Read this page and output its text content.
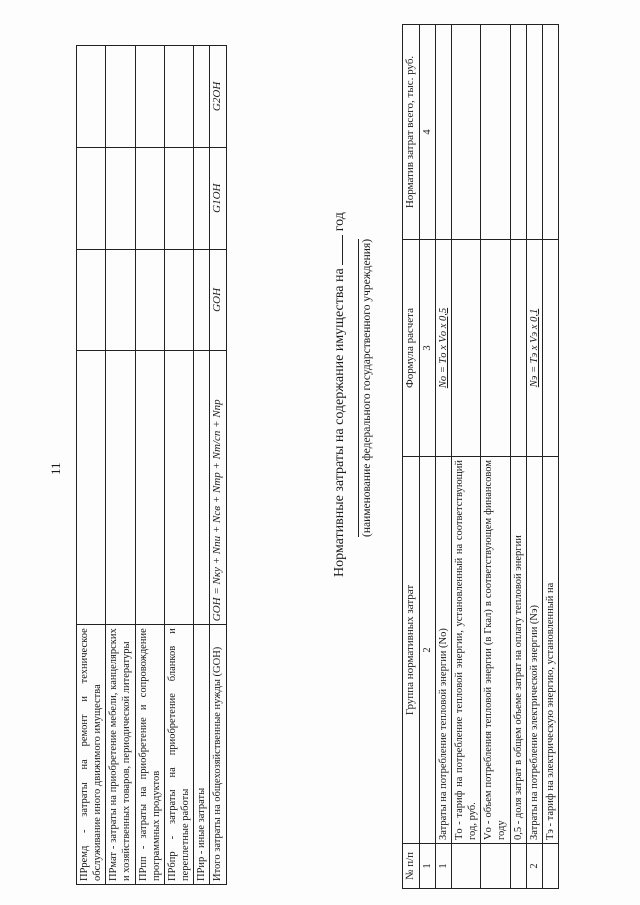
11
ПРремд - затраты на ремонт и техническое обслуживание иного движимого имущества				
ПРмат - затраты на приобретение мебели, канцелярских и хозяйственных товаров, периодической литературы				
ПРпп - затраты на приобретение и сопровождение программных продуктов				
ПРбпр - затраты на приобретение бланков и переплетные работы				
ПРир - иные затраты				
Итого затраты на общехозяйственные нужды (GОН)	GОН = Nку + Nпи + Nсв + Nтр + Nт/сп + Nпр	GОН	G1ОН	G2ОН
Нормативные затраты на содержание имущества на  год
(наименование федерального государственного учреждения)
№ п/п	Группа нормативных затрат	Формула расчета	Норматив затрат всего, тыс. руб.
1	2	3	4
1	Затраты на потребление тепловой энергии (Nо)	Nо = Tо x Vо x 0,5	
	Tо - тариф на потребление тепловой энергии, установленный на соответствующий год, руб.		
	Vо - объем потребления тепловой энергии (в Гкал) в соответствующем финансовом году		
	0,5 - доля затрат в общем объеме затрат на оплату тепловой энергии		
2	Затраты на потребление электрической энергии (Nэ)	Nэ = Tэ x Vэ x 0,1	
	Tэ - тариф на электрическую энергию, установленный на		
